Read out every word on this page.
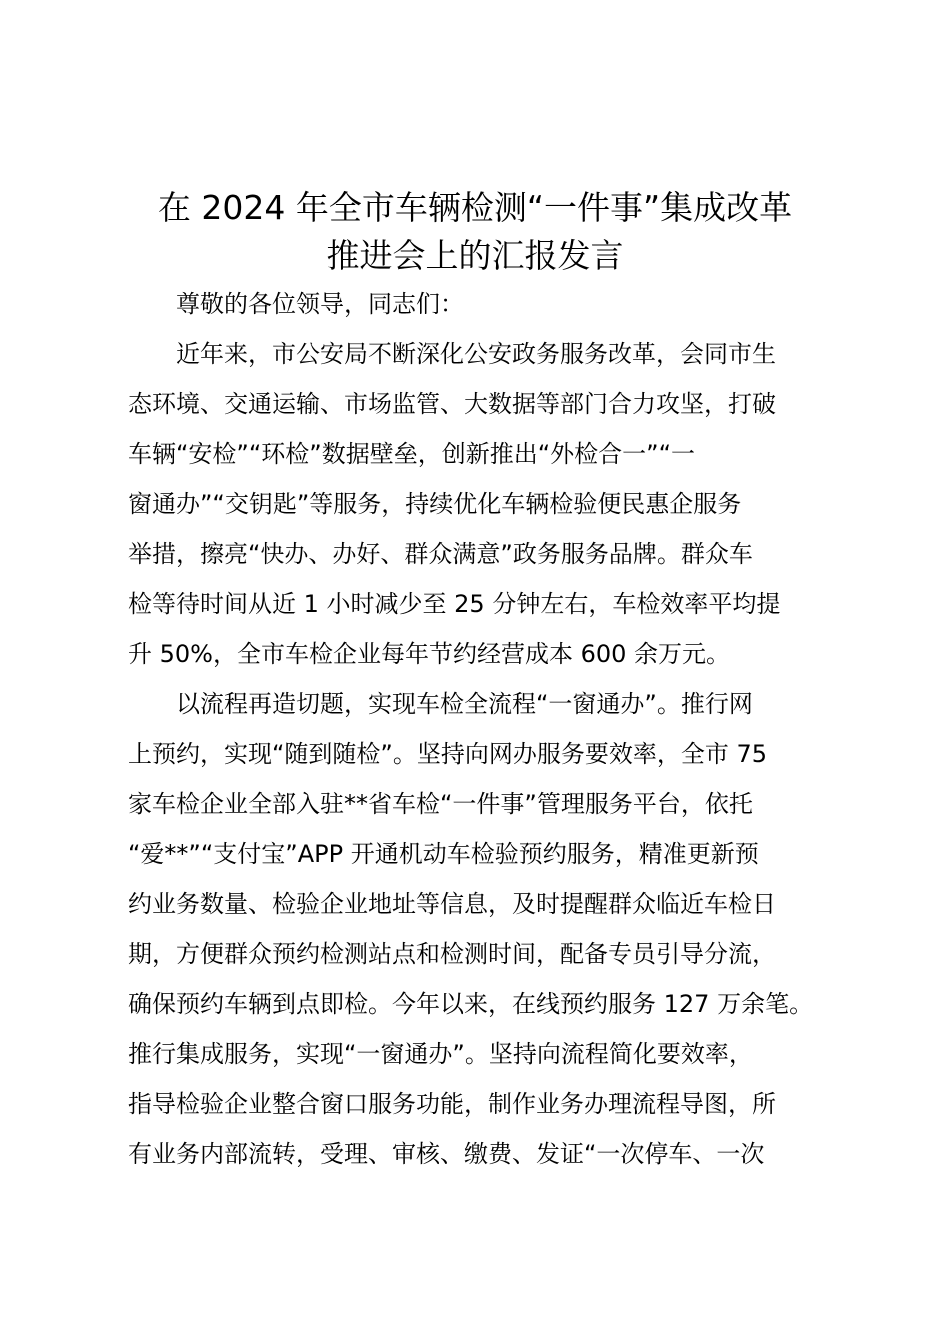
在 2024 年全市车辆检测“一件事”集成改革
推进会上的汇报发言
尊敬的各位领导，同志们：
近年来，市公安局不断深化公安政务服务改革，会同市生
态环境、交通运输、市场监管、大数据等部门合力攻坚，打破
车辆“安检”“环检”数据壁垒，创新推出“外检合一”“一
窗通办”“交钥匙”等服务，持续优化车辆检验便民惠企服务
举措，擦亮“快办、办好、群众满意”政务服务品牌。群众车
检等待时间从近 1 小时减少至 25 分钟左右，车检效率平均提
升 50%，全市车检企业每年节约经营成本 600 余万元。
以流程再造切题，实现车检全流程“一窗通办”。推行网
上预约，实现“随到随检”。坚持向网办服务要效率，全市 75
家车检企业全部入驻**省车检“一件事”管理服务平台，依托
“爱**”“支付宝”APP 开通机动车检验预约服务，精准更新预
约业务数量、检验企业地址等信息，及时提醒群众临近车检日
期，方便群众预约检测站点和检测时间，配备专员引导分流，
确保预约车辆到点即检。今年以来，在线预约服务 127 万余笔。
推行集成服务，实现“一窗通办”。坚持向流程简化要效率，
指导检验企业整合窗口服务功能，制作业务办理流程导图，所
有业务内部流转，受理、审核、缴费、发证“一次停车、一次
